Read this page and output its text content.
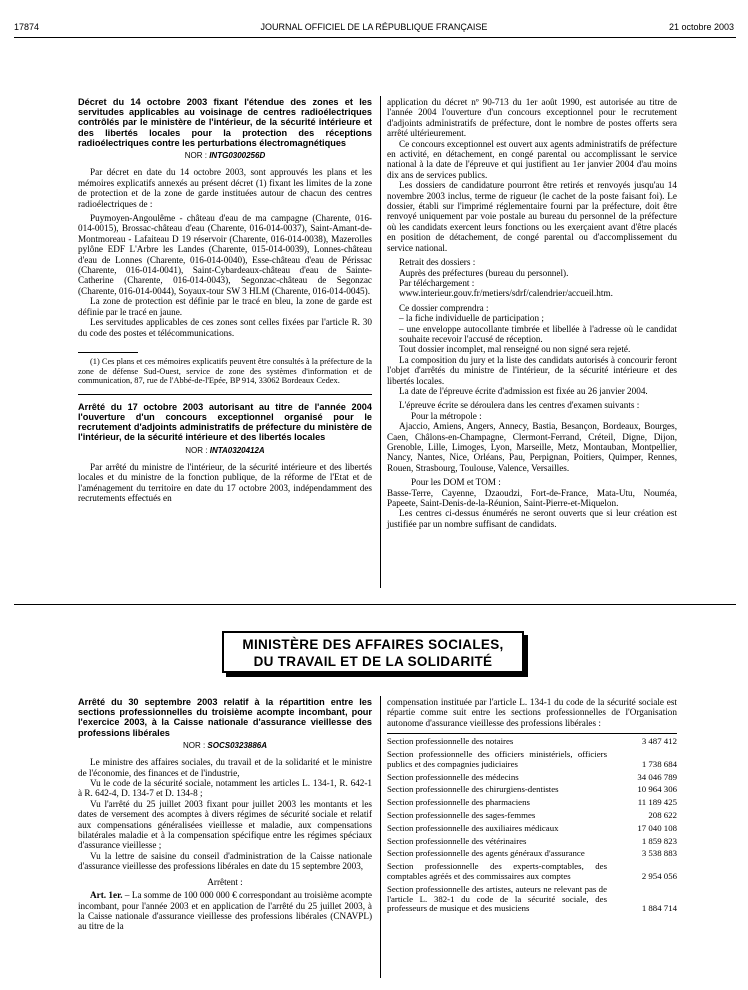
17874	JOURNAL OFFICIEL DE LA RÉPUBLIQUE FRANÇAISE	21 octobre 2003
Décret du 14 octobre 2003 fixant l'étendue des zones et les servitudes applicables au voisinage de centres radioélectriques contrôlés par le ministère de l'intérieur, de la sécurité intérieure et des libertés locales pour la protection des réceptions radioélectriques contre les perturbations électromagnétiques
NOR : INTG0300256D

Par décret en date du 14 octobre 2003, sont approuvés les plans et les mémoires explicatifs annexés au présent décret (1) fixant les limites de la zone de protection et de la zone de garde instituées autour de chacun des centres radioélectriques de :

Puymoyen-Angoulême - château d'eau de ma campagne (Charente, 016-014-0015), Brossac-château d'eau (Charente, 016-014-0037), Saint-Amant-de-Montmoreau - Lafaiteau D 19 réservoir (Charente, 016-014-0038), Mazerolles pylône EDF L'Arbre les Landes (Charente, 015-014-0039), Lonnes-château d'eau de Lonnes (Charente, 016-014-0040), Esse-château d'eau de Périssac (Charente, 016-014-0041), Saint-Cybardeaux-château d'eau de Sainte-Catherine (Charente, 016-014-0043), Segonzac-château de Segonzac (Charente, 016-014-0044), Soyaux-tour SW 3 HLM (Charente, 016-014-0045).

La zone de protection est définie par le tracé en bleu, la zone de garde est définie par le tracé en jaune.

Les servitudes applicables de ces zones sont celles fixées par l'article R. 30 du code des postes et télécommunications.

(1) Ces plans et ces mémoires explicatifs peuvent être consultés à la préfecture de la zone de défense Sud-Ouest, service de zone des systèmes d'information et de communication, 87, rue de l'Abbé-de-l'Epée, BP 914, 33062 Bordeaux Cedex.

Arrêté du 17 octobre 2003 autorisant au titre de l'année 2004 l'ouverture d'un concours exceptionnel organisé pour le recrutement d'adjoints administratifs de préfecture du ministère de l'intérieur, de la sécurité intérieure et des libertés locales
NOR : INTA0320412A

Par arrêté du ministre de l'intérieur, de la sécurité intérieure et des libertés locales et du ministre de la fonction publique, de la réforme de l'Etat et de l'aménagement du territoire en date du 17 octobre 2003, indépendamment des recrutements effectués en

application du décret nº 90-713 du 1er août 1990, est autorisée au titre de l'année 2004 l'ouverture d'un concours exceptionnel pour le recrutement d'adjoints administratifs de préfecture, dont le nombre de postes offerts sera arrêté ultérieurement.

Ce concours exceptionnel est ouvert aux agents administratifs de préfecture en activité, en détachement, en congé parental ou accomplissant le service national à la date de l'épreuve et qui justifient au 1er janvier 2004 d'au moins dix ans de services publics.

Les dossiers de candidature pourront être retirés et renvoyés jusqu'au 14 novembre 2003 inclus, terme de rigueur (le cachet de la poste faisant foi). Le dossier, établi sur l'imprimé réglementaire fourni par la préfecture, doit être renvoyé uniquement par voie postale au bureau du personnel de la préfecture où les candidats exercent leurs fonctions ou les exerçaient avant d'être placés en position de détachement, de congé parental ou d'accomplissement du service national.

Retrait des dossiers :

Auprès des préfectures (bureau du personnel).

Par téléchargement :

www.interieur.gouv.fr/metiers/sdrf/calendrier/accueil.htm.

Ce dossier comprendra :

– la fiche individuelle de participation ;

– une enveloppe autocollante timbrée et libellée à l'adresse où le candidat souhaite recevoir l'accusé de réception.

Tout dossier incomplet, mal renseigné ou non signé sera rejeté.

La composition du jury et la liste des candidats autorisés à concourir feront l'objet d'arrêtés du ministre de l'intérieur, de la sécurité intérieure et des libertés locales.

La date de l'épreuve écrite d'admission est fixée au 26 janvier 2004.

L'épreuve écrite se déroulera dans les centres d'examen suivants :

Pour la métropole :

Ajaccio, Amiens, Angers, Annecy, Bastia, Besançon, Bordeaux, Bourges, Caen, Châlons-en-Champagne, Clermont-Ferrand, Créteil, Digne, Dijon, Grenoble, Lille, Limoges, Lyon, Marseille, Metz, Montauban, Montpellier, Nancy, Nantes, Nice, Orléans, Pau, Perpignan, Poitiers, Quimper, Rennes, Rouen, Strasbourg, Toulouse, Valence, Versailles.

Pour les DOM et TOM :

Basse-Terre, Cayenne, Dzaoudzi, Fort-de-France, Mata-Utu, Nouméa, Papeete, Saint-Denis-de-la-Réunion, Saint-Pierre-et-Miquelon.

Les centres ci-dessus énumérés ne seront ouverts que si leur création est justifiée par un nombre suffisant de candidats.

MINISTÈRE DES AFFAIRES SOCIALES,
DU TRAVAIL ET DE LA SOLIDARITÉ
Arrêté du 30 septembre 2003 relatif à la répartition entre les sections professionnelles du troisième acompte incombant, pour l'exercice 2003, à la Caisse nationale d'assurance vieillesse des professions libérales
NOR : SOCS0323886A

Le ministre des affaires sociales, du travail et de la solidarité et le ministre de l'économie, des finances et de l'industrie,

Vu le code de la sécurité sociale, notamment les articles L. 134-1, R. 642-1 à R. 642-4, D. 134-7 et D. 134-8 ;

Vu l'arrêté du 25 juillet 2003 fixant pour juillet 2003 les montants et les dates de versement des acomptes à divers régimes de sécurité sociale et relatif aux compensations généralisées vieillesse et maladie, aux compensations bilatérales maladie et à la compensation spécifique entre les régimes spéciaux d'assurance vieillesse ;

Vu la lettre de saisine du conseil d'administration de la Caisse nationale d'assurance vieillesse des professions libérales en date du 15 septembre 2003,

Arrêtent :

Art. 1er. – La somme de 100 000 000 € correspondant au troisième acompte incombant, pour l'année 2003 et en application de l'arrêté du 25 juillet 2003, à la Caisse nationale d'assurance vieillesse des professions libérales (CNAVPL) au titre de la

compensation instituée par l'article L. 134-1 du code de la sécurité sociale est répartie comme suit entre les sections professionnelles de l'Organisation autonome d'assurance vieillesse des professions libérales :

Section professionnelle des notaires	3 487 412
Section professionnelle des officiers ministériels, officiers publics et des compagnies judiciaires	1 738 684
Section professionnelle des médecins	34 046 789
Section professionnelle des chirurgiens-dentistes	10 964 306
Section professionnelle des pharmaciens	11 189 425
Section professionnelle des sages-femmes	208 622
Section professionnelle des auxiliaires médicaux	17 040 108
Section professionnelle des vétérinaires	1 859 823
Section professionnelle des agents généraux d'assurance	3 538 883
Section professionnelle des experts-comptables, des comptables agréés et des commissaires aux comptes	2 954 056
Section professionnelle des artistes, auteurs ne relevant pas de l'article L. 382-1 du code de la sécurité sociale, des professeurs de musique et des musiciens	1 884 714
